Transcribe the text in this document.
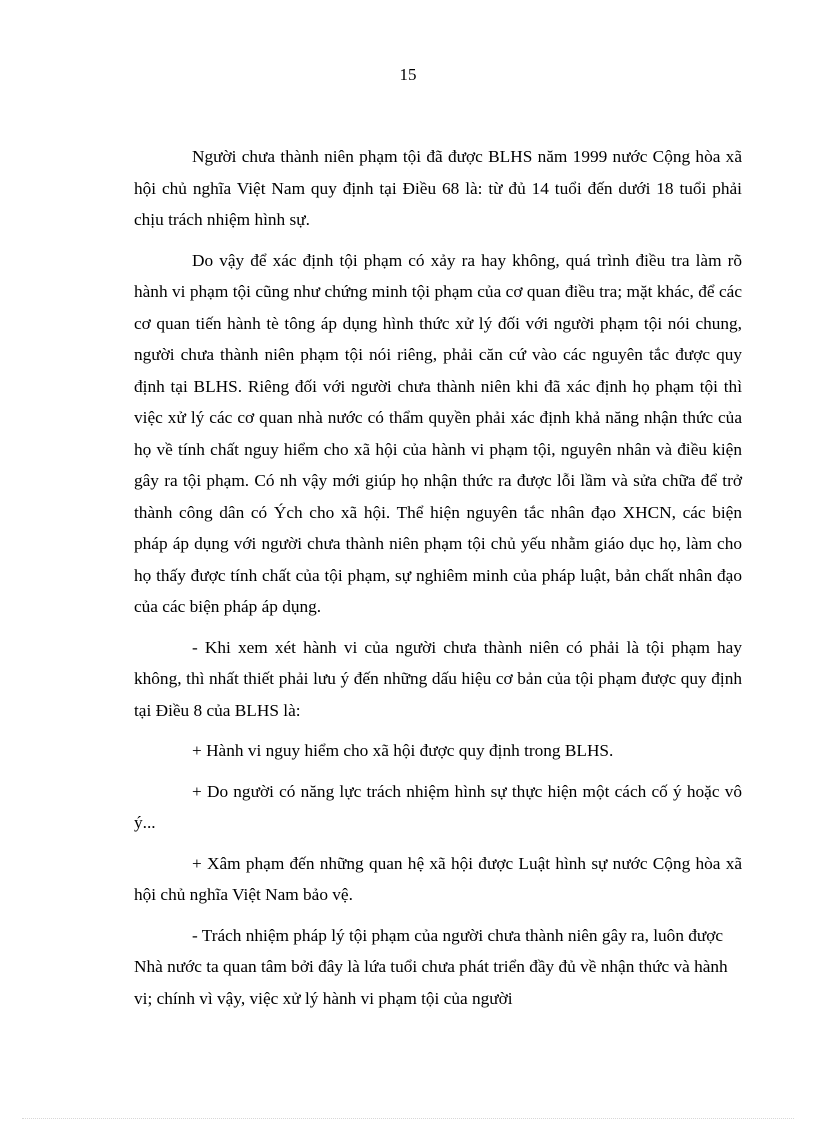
15

Người chưa thành niên phạm tội đã được BLHS năm 1999 nước Cộng hòa xã hội chủ nghĩa Việt Nam quy định tại Điều 68 là: từ đủ 14 tuổi đến dưới 18 tuổi phải chịu trách nhiệm hình sự.

Do vậy để xác định tội phạm có xảy ra hay không, quá trình điều tra làm rõ hành vi phạm tội cũng như chứng minh tội phạm của cơ quan điều tra; mặt khác, để các cơ quan tiến hành tè tông áp dụng hình thức xử lý đối với người phạm tội nói chung, người chưa thành niên phạm tội nói riêng, phải căn cứ vào các nguyên tắc được quy định tại BLHS. Riêng đối với người chưa thành niên khi đã xác định họ phạm tội thì việc xử lý các cơ quan nhà nước có thẩm quyền phải xác định khả năng nhận thức của họ về tính chất nguy hiểm cho xã hội của hành vi phạm tội, nguyên nhân và điều kiện gây ra tội phạm. Có nh vậy mới giúp họ nhận thức ra được lỗi lầm và sửa chữa để trở thành công dân có Ých cho xã hội. Thể hiện nguyên tắc nhân đạo XHCN, các biện pháp áp dụng với người chưa thành niên phạm tội chủ yếu nhằm giáo dục họ, làm cho họ thấy được tính chất của tội phạm, sự nghiêm minh của pháp luật, bản chất nhân đạo của các biện pháp áp dụng.

- Khi xem xét hành vi của người chưa thành niên có phải là tội phạm hay không, thì nhất thiết phải lưu ý đến những dấu hiệu cơ bản của tội phạm được quy định tại Điều 8 của BLHS là:

+ Hành vi nguy hiểm cho xã hội được quy định trong BLHS.

+ Do người có năng lực trách nhiệm hình sự thực hiện một cách cố ý hoặc vô ý...

+ Xâm phạm đến những quan hệ xã hội được Luật hình sự nước Cộng hòa xã hội chủ nghĩa Việt Nam bảo vệ.

- Trách nhiệm pháp lý tội phạm của người chưa thành niên gây ra, luôn được Nhà nước ta quan tâm bởi đây là lứa tuổi chưa phát triển đầy đủ về nhận thức và hành vi; chính vì vậy, việc xử lý hành vi phạm tội của người
